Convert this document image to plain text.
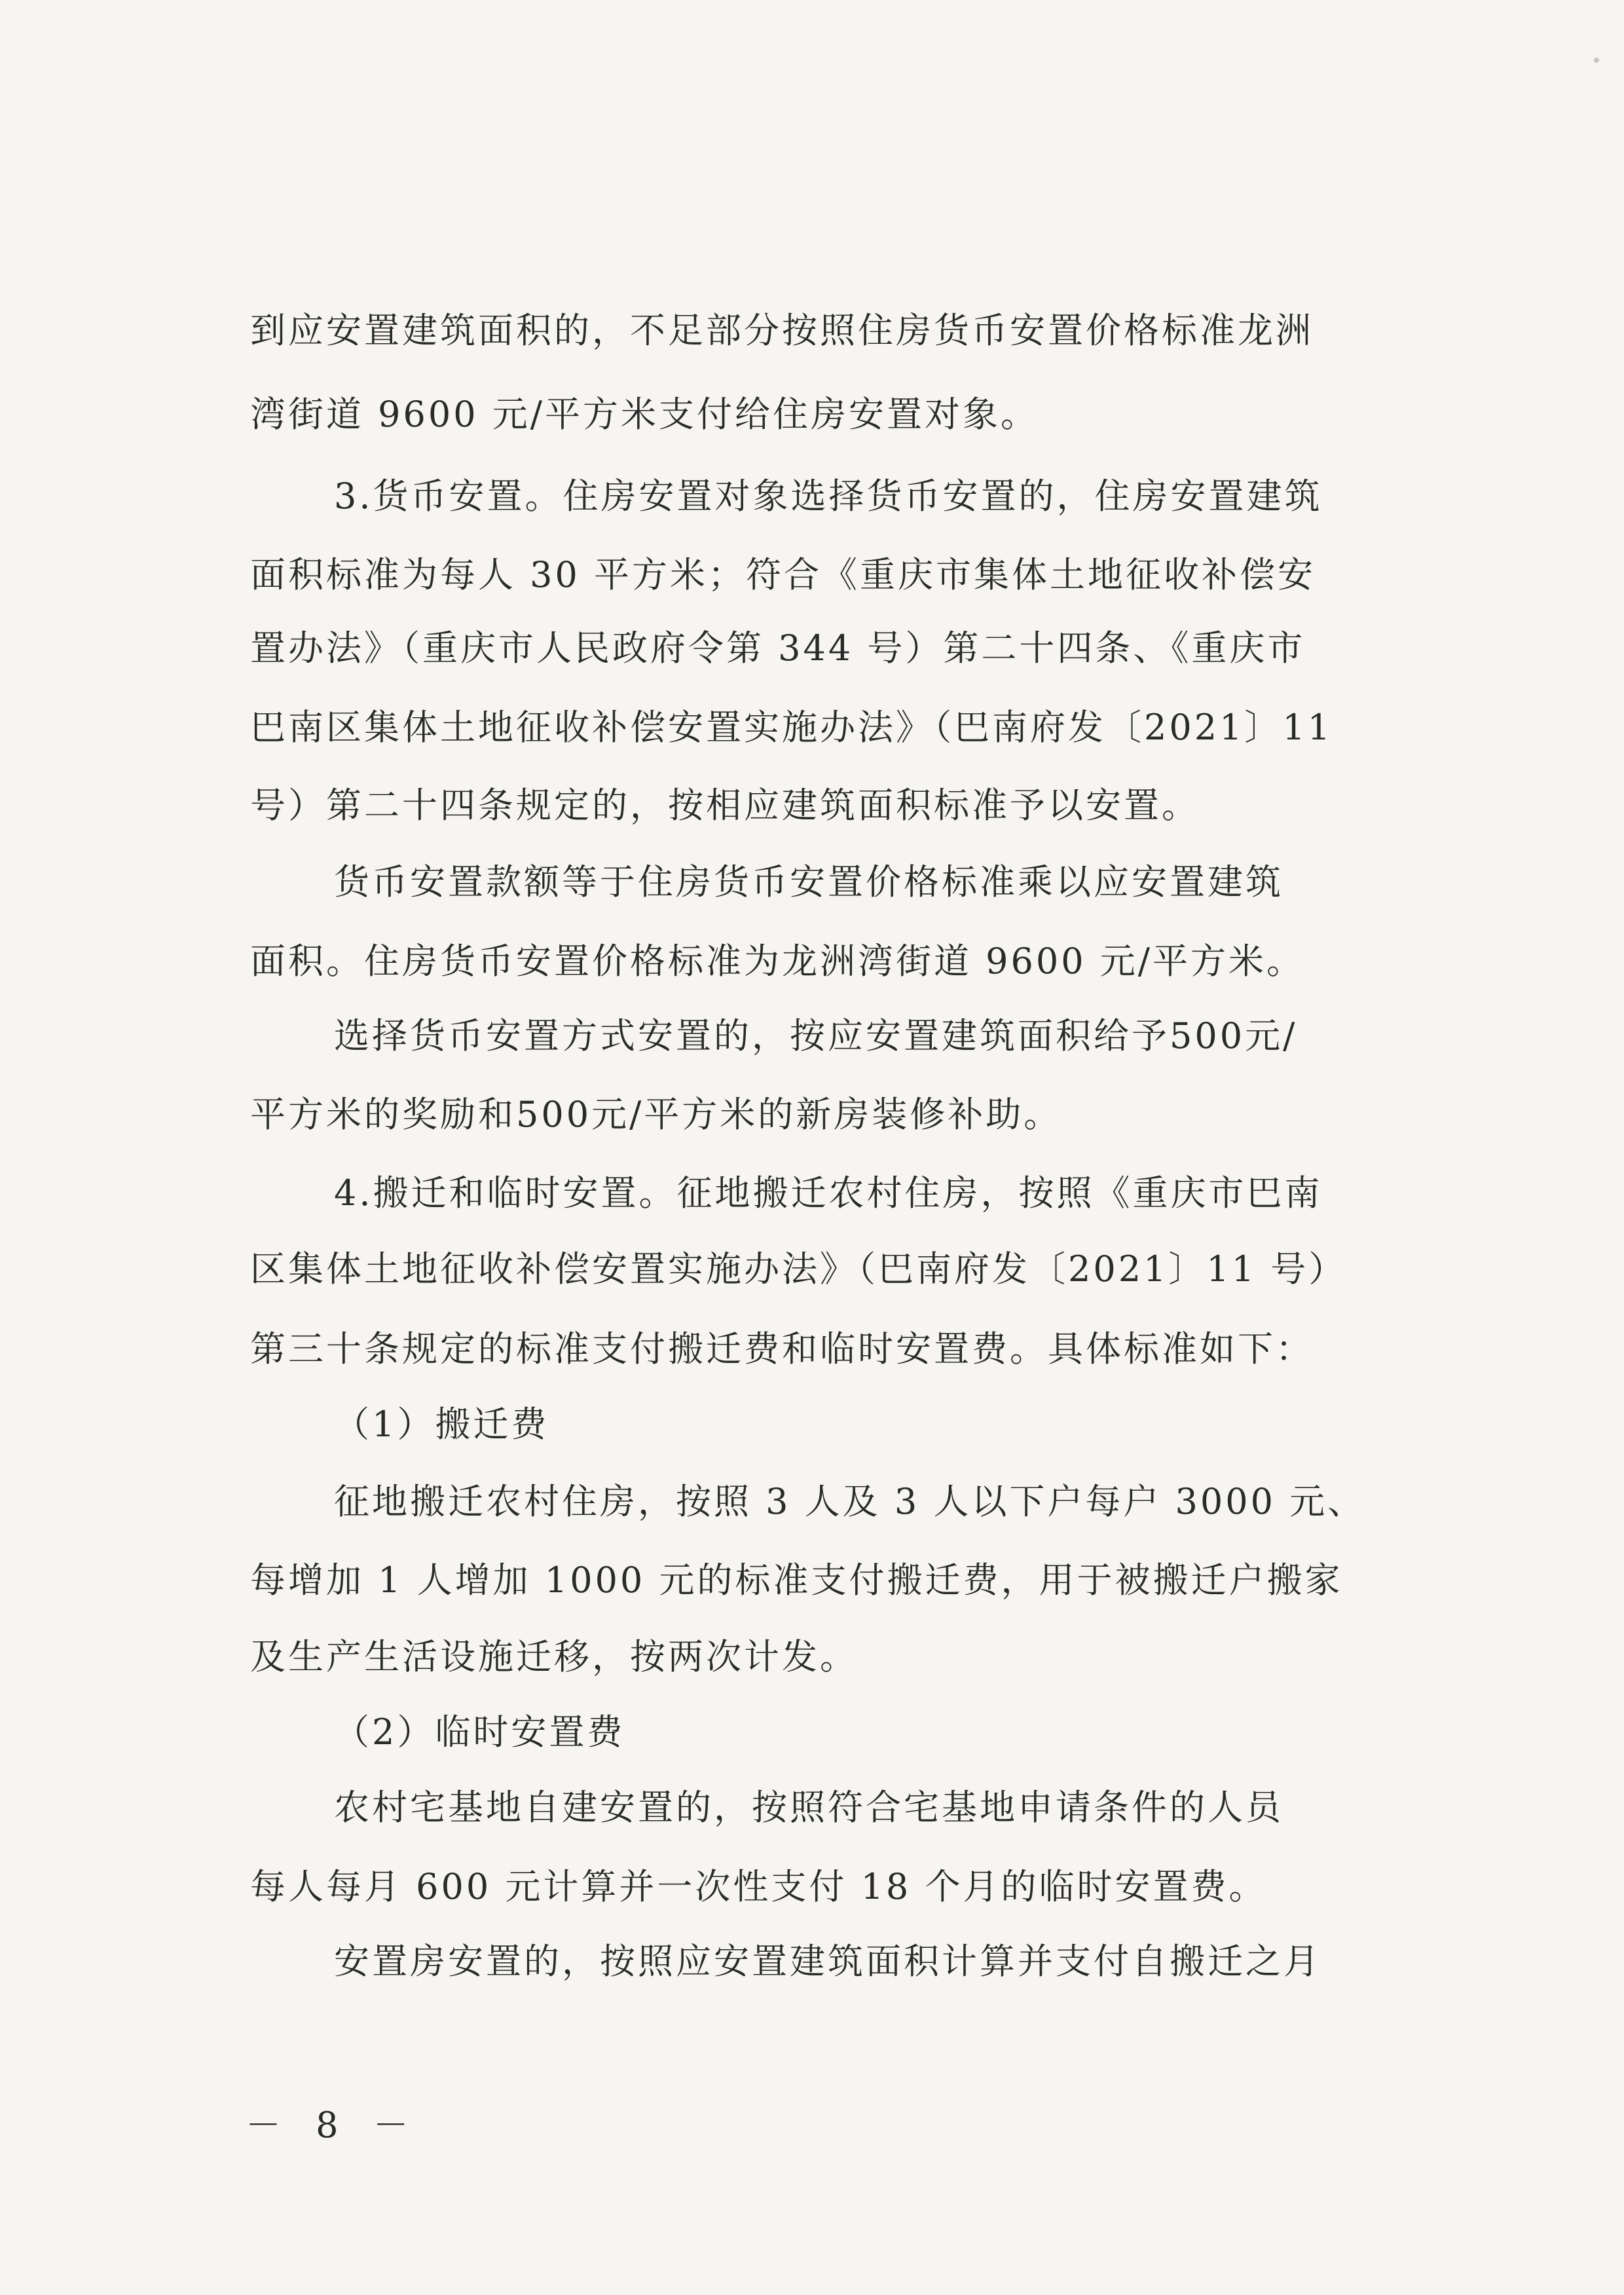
到应安置建筑面积的，不足部分按照住房货币安置价格标准龙洲
湾街道 9600 元/平方米支付给住房安置对象。
3.货币安置。住房安置对象选择货币安置的，住房安置建筑
面积标准为每人 30 平方米；符合《重庆市集体土地征收补偿安
置办法》（重庆市人民政府令第 344 号）第二十四条、《重庆市
巴南区集体土地征收补偿安置实施办法》（巴南府发〔2021〕11
号）第二十四条规定的，按相应建筑面积标准予以安置。
货币安置款额等于住房货币安置价格标准乘以应安置建筑
面积。住房货币安置价格标准为龙洲湾街道 9600 元/平方米。
选择货币安置方式安置的，按应安置建筑面积给予500元/
平方米的奖励和500元/平方米的新房装修补助。
4.搬迁和临时安置。征地搬迁农村住房，按照《重庆市巴南
区集体土地征收补偿安置实施办法》（巴南府发〔2021〕11 号）
第三十条规定的标准支付搬迁费和临时安置费。具体标准如下：
（1）搬迁费
征地搬迁农村住房，按照 3 人及 3 人以下户每户 3000 元、
每增加 1 人增加 1000 元的标准支付搬迁费，用于被搬迁户搬家
及生产生活设施迁移，按两次计发。
（2）临时安置费
农村宅基地自建安置的，按照符合宅基地申请条件的人员
每人每月 600 元计算并一次性支付 18 个月的临时安置费。
安置房安置的，按照应安置建筑面积计算并支付自搬迁之月
－ 8 －
